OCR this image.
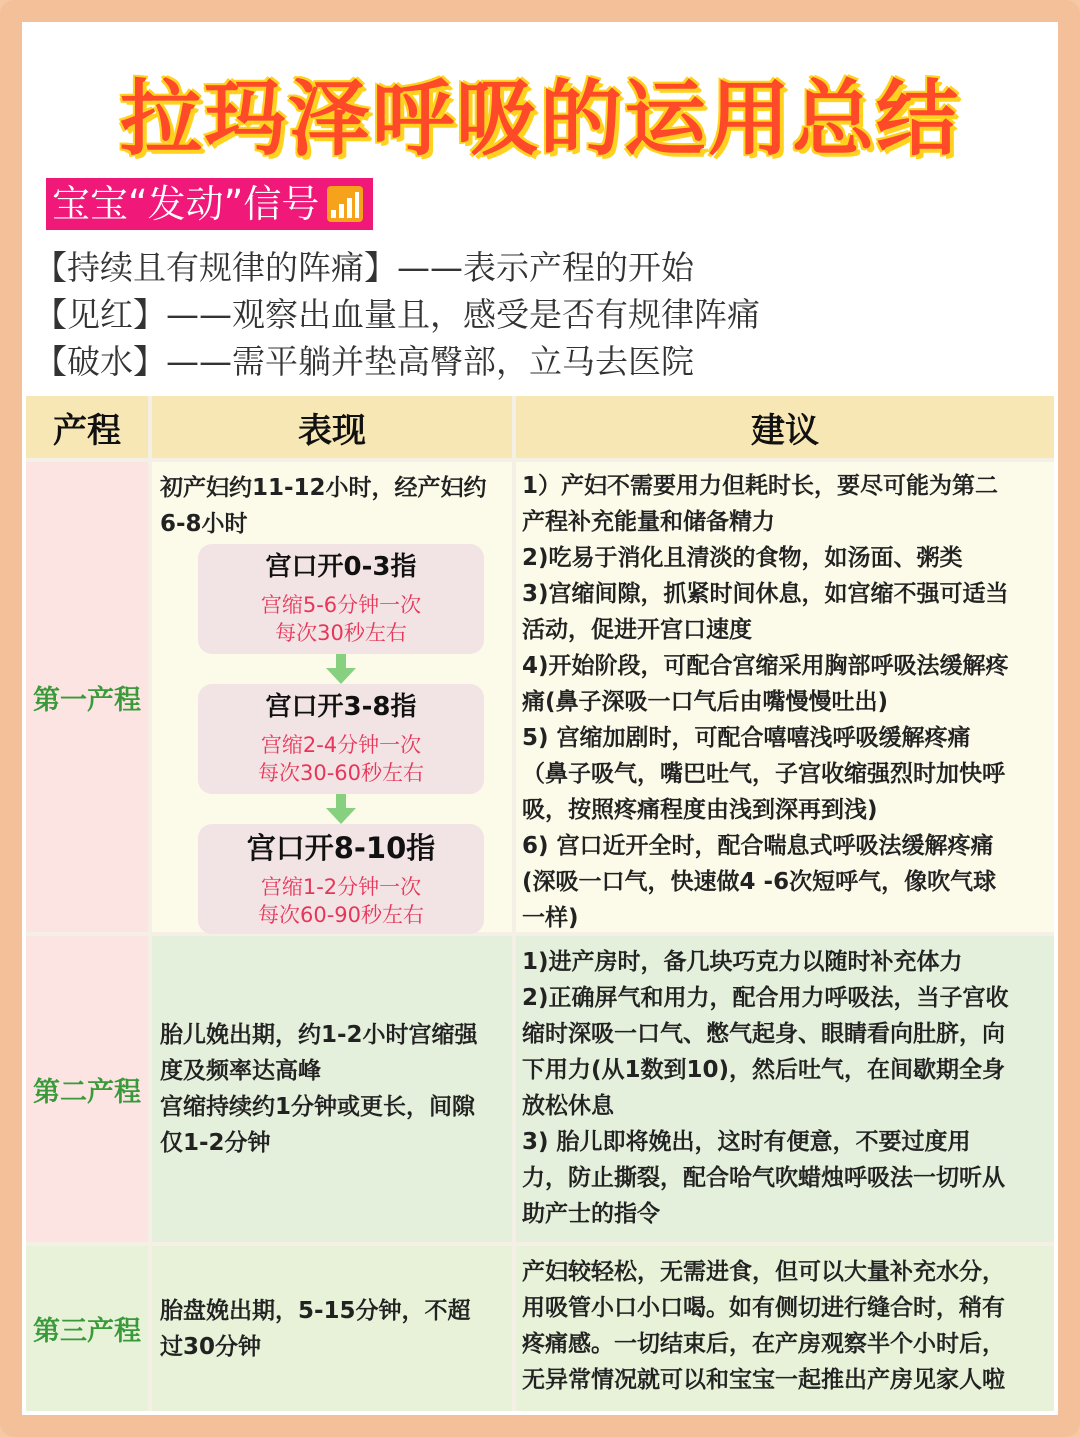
拉玛泽呼吸的运用总结
宝宝“发动”信号
【持续且有规律的阵痛】——表示产程的开始
【见红】——观察出血量且，感受是否有规律阵痛
【破水】——需平躺并垫高臀部，立马去医院
产程	表现	建议
第一产程
初产妇约11-12小时，经产妇约
6-8小时
宫口开0-3指
宫缩5-6分钟一次
每次30秒左右
宫口开3-8指
宫缩2-4分钟一次
每次30-60秒左右
宫口开8-10指
宫缩1-2分钟一次
每次60-90秒左右
1）产妇不需要用力但耗时长，要尽可能为第二
产程补充能量和储备精力
2)吃易于消化且清淡的食物，如汤面、粥类
3)宫缩间隙，抓紧时间休息，如宫缩不强可适当
活动，促进开宫口速度
4)开始阶段，可配合宫缩采用胸部呼吸法缓解疼
痛(鼻子深吸一口气后由嘴慢慢吐出)
5) 宫缩加剧时，可配合嘻嘻浅呼吸缓解疼痛
（鼻子吸气，嘴巴吐气，子宫收缩强烈时加快呼
吸，按照疼痛程度由浅到深再到浅)
6) 宫口近开全时，配合喘息式呼吸法缓解疼痛
(深吸一口气，快速做4 -6次短呼气，像吹气球
一样)
第二产程
胎儿娩出期，约1-2小时宫缩强
度及频率达高峰
宫缩持续约1分钟或更长，间隙
仅1-2分钟
1)进产房时，备几块巧克力以随时补充体力
2)正确屏气和用力，配合用力呼吸法，当子宫收
缩时深吸一口气、憋气起身、眼睛看向肚脐，向
下用力(从1数到10)，然后吐气，在间歇期全身
放松休息
3) 胎儿即将娩出，这时有便意，不要过度用
力，防止撕裂，配合哈气吹蜡烛呼吸法一切听从
助产士的指令
第三产程
胎盘娩出期，5-15分钟，不超
过30分钟
产妇较轻松，无需进食，但可以大量补充水分，
用吸管小口小口喝。如有侧切进行缝合时，稍有
疼痛感。一切结束后，在产房观察半个小时后，
无异常情况就可以和宝宝一起推出产房见家人啦
